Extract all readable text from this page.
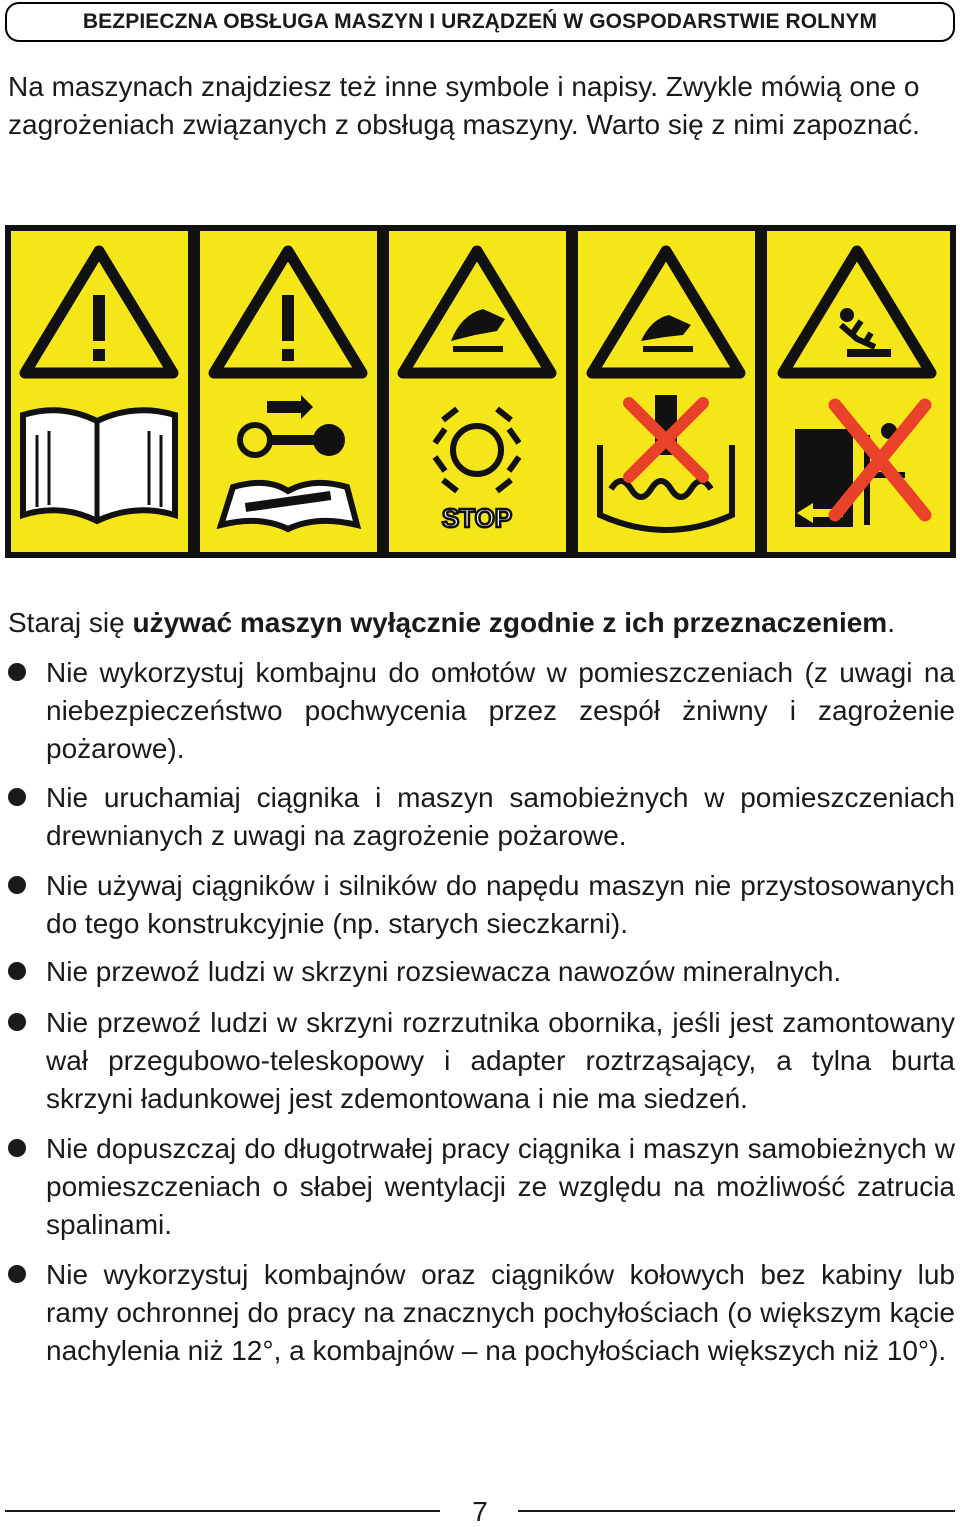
BEZPIECZNA OBSŁUGA MASZYN I URZĄDZEŃ W GOSPODARSTWIE ROLNYM

Na maszynach znajdziesz też inne symbole i napisy. Zwykle mówią one o zagrożeniach związanych z obsługą maszyny. Warto się z nimi zapoznać.

STOP

Staraj się używać maszyn wyłącznie zgodnie z ich przeznaczeniem.

Nie wykorzystuj kombajnu do omłotów w pomieszczeniach (z uwagi na niebezpieczeństwo pochwycenia przez zespół żniwny i zagrożenie pożarowe).
Nie uruchamiaj ciągnika i maszyn samobieżnych w pomieszczeniach drewnianych z uwagi na zagrożenie pożarowe.
Nie używaj ciągników i silników do napędu maszyn nie przystosowanych do tego konstrukcyjnie (np. starych sieczkarni).
Nie przewoź ludzi w skrzyni rozsiewacza nawozów mineralnych.
Nie przewoź ludzi w skrzyni rozrzutnika obornika, jeśli jest zamontowany wał przegubowo-teleskopowy i adapter roztrząsający, a tylna burta skrzyni ładunkowej jest zdemontowana i nie ma siedzeń.
Nie dopuszczaj do długotrwałej pracy ciągnika i maszyn samobieżnych w pomieszczeniach o słabej wentylacji ze względu na możliwość zatrucia spalinami.
Nie wykorzystuj kombajnów oraz ciągników kołowych bez kabiny lub ramy ochronnej do pracy na znacznych pochyłościach (o większym kącie nachylenia niż 12°, a kombajnów – na pochyłościach większych niż 10°).
7
